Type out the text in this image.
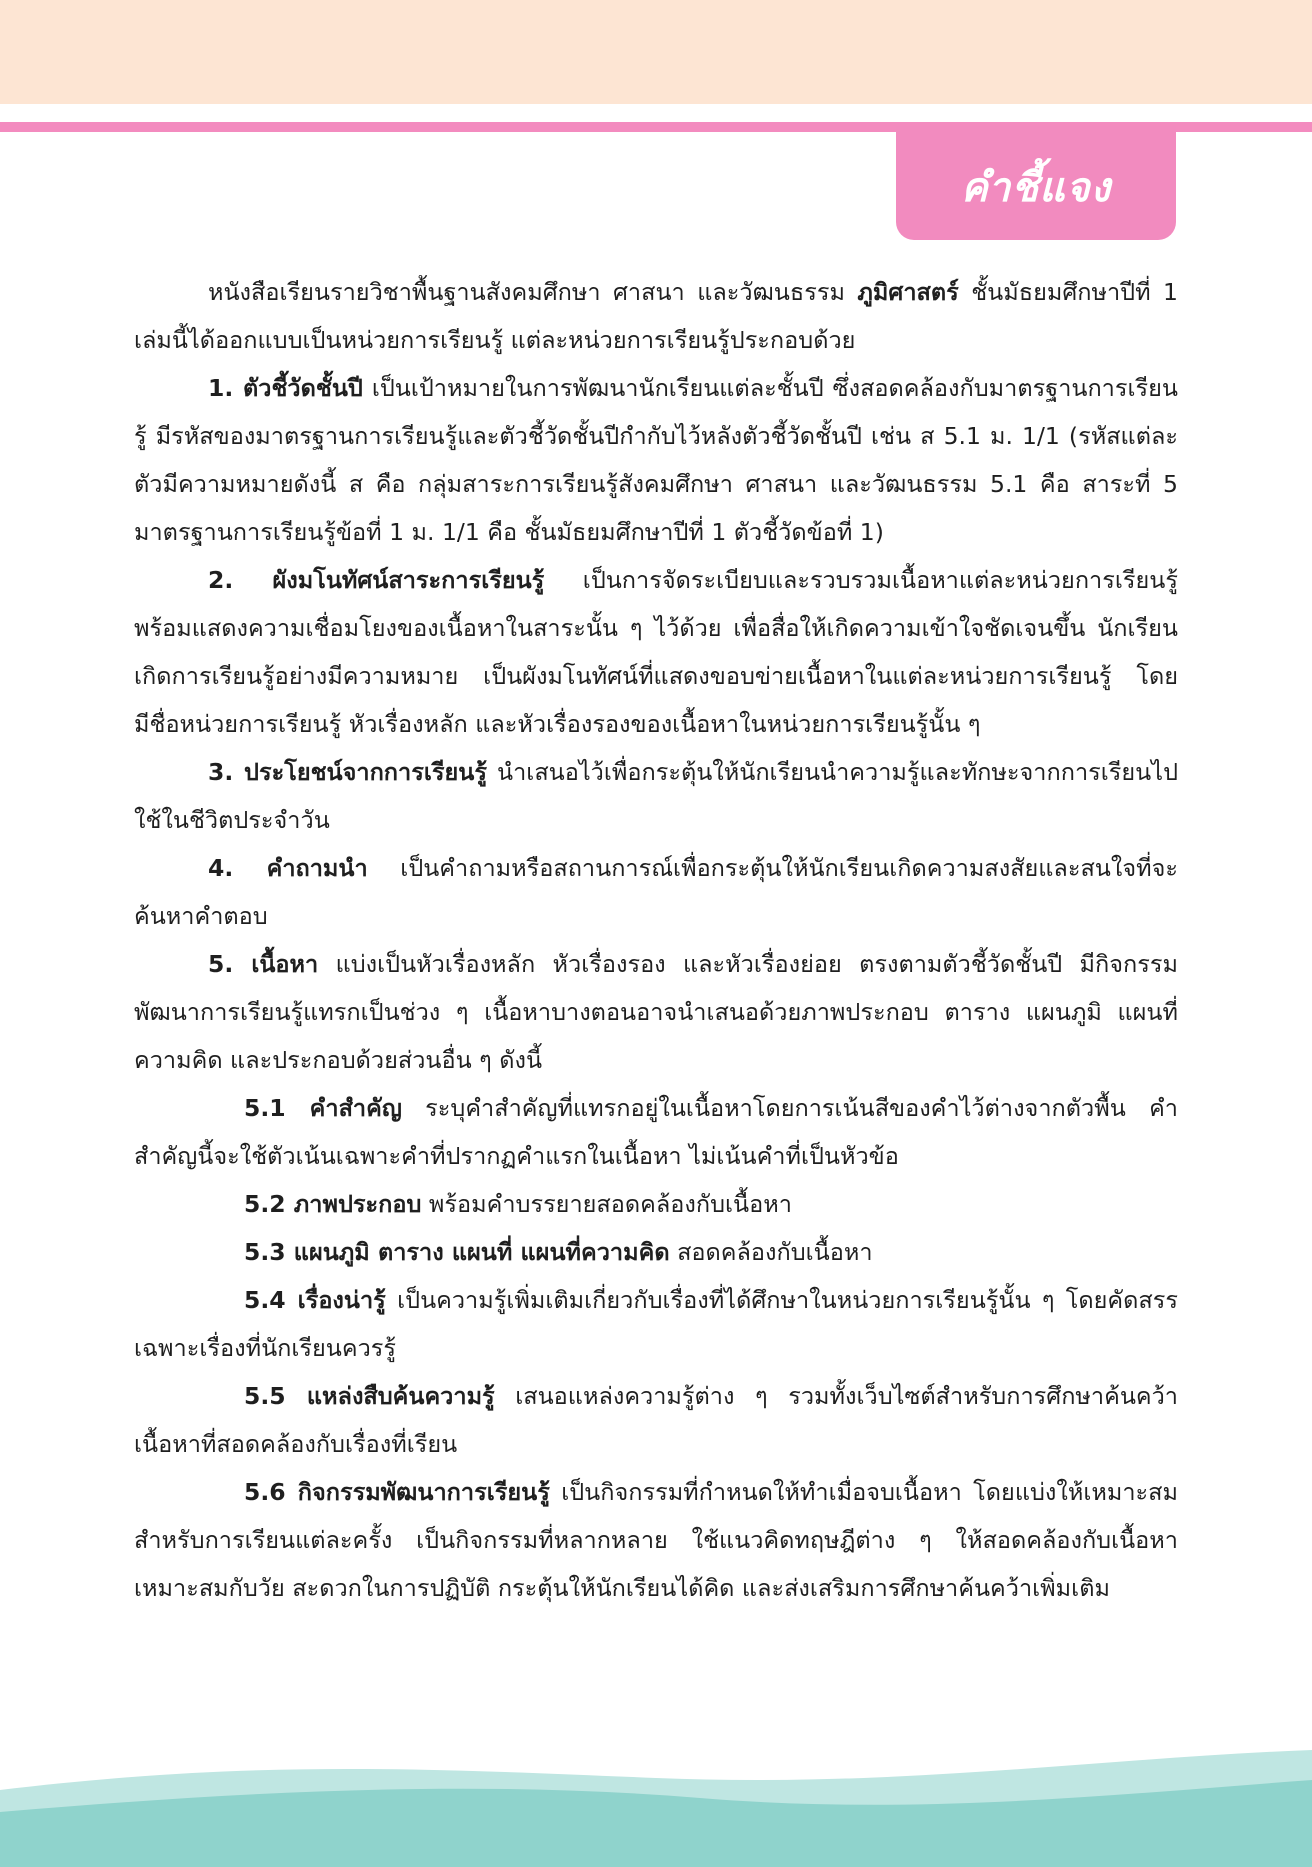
คำชี้แจง

หนังสือเรียนรายวิชาพื้นฐานสังคมศึกษา ศาสนา และวัฒนธรรม ภูมิศาสตร์ ชั้นมัธยมศึกษาปีที่ 1 เล่มนี้ได้ออกแบบเป็นหน่วยการเรียนรู้ แต่ละหน่วยการเรียนรู้ประกอบด้วย

1. ตัวชี้วัดชั้นปี เป็นเป้าหมายในการพัฒนานักเรียนแต่ละชั้นปี ซึ่งสอดคล้องกับมาตรฐานการเรียนรู้ มีรหัสของมาตรฐานการเรียนรู้และตัวชี้วัดชั้นปีกำกับไว้หลังตัวชี้วัดชั้นปี เช่น ส 5.1 ม. 1/1 (รหัสแต่ละตัวมีความหมายดังนี้ ส คือ กลุ่มสาระการเรียนรู้สังคมศึกษา ศาสนา และวัฒนธรรม 5.1 คือ สาระที่ 5 มาตรฐานการเรียนรู้ข้อที่ 1 ม. 1/1 คือ ชั้นมัธยมศึกษาปีที่ 1 ตัวชี้วัดข้อที่ 1)

2. ผังมโนทัศน์สาระการเรียนรู้ เป็นการจัดระเบียบและรวบรวมเนื้อหาแต่ละหน่วยการเรียนรู้ พร้อมแสดงความเชื่อมโยงของเนื้อหาในสาระนั้น ๆ ไว้ด้วย เพื่อสื่อให้เกิดความเข้าใจชัดเจนขึ้น นักเรียนเกิดการเรียนรู้อย่างมีความหมาย เป็นผังมโนทัศน์ที่แสดงขอบข่ายเนื้อหาในแต่ละหน่วยการเรียนรู้ โดยมีชื่อหน่วยการเรียนรู้ หัวเรื่องหลัก และหัวเรื่องรองของเนื้อหาในหน่วยการเรียนรู้นั้น ๆ

3. ประโยชน์จากการเรียนรู้ นำเสนอไว้เพื่อกระตุ้นให้นักเรียนนำความรู้และทักษะจากการเรียนไปใช้ในชีวิตประจำวัน

4. คำถามนำ เป็นคำถามหรือสถานการณ์เพื่อกระตุ้นให้นักเรียนเกิดความสงสัยและสนใจที่จะค้นหาคำตอบ

5. เนื้อหา แบ่งเป็นหัวเรื่องหลัก หัวเรื่องรอง และหัวเรื่องย่อย ตรงตามตัวชี้วัดชั้นปี มีกิจกรรมพัฒนาการเรียนรู้แทรกเป็นช่วง ๆ เนื้อหาบางตอนอาจนำเสนอด้วยภาพประกอบ ตาราง แผนภูมิ แผนที่ความคิด และประกอบด้วยส่วนอื่น ๆ ดังนี้

5.1 คำสำคัญ ระบุคำสำคัญที่แทรกอยู่ในเนื้อหาโดยการเน้นสีของคำไว้ต่างจากตัวพื้น คำสำคัญนี้จะใช้ตัวเน้นเฉพาะคำที่ปรากฏคำแรกในเนื้อหา ไม่เน้นคำที่เป็นหัวข้อ

5.2 ภาพประกอบ พร้อมคำบรรยายสอดคล้องกับเนื้อหา

5.3 แผนภูมิ ตาราง แผนที่ แผนที่ความคิด สอดคล้องกับเนื้อหา

5.4 เรื่องน่ารู้ เป็นความรู้เพิ่มเติมเกี่ยวกับเรื่องที่ได้ศึกษาในหน่วยการเรียนรู้นั้น ๆ โดยคัดสรรเฉพาะเรื่องที่นักเรียนควรรู้

5.5 แหล่งสืบค้นความรู้ เสนอแหล่งความรู้ต่าง ๆ รวมทั้งเว็บไซต์สำหรับการศึกษาค้นคว้าเนื้อหาที่สอดคล้องกับเรื่องที่เรียน

5.6 กิจกรรมพัฒนาการเรียนรู้ เป็นกิจกรรมที่กำหนดให้ทำเมื่อจบเนื้อหา โดยแบ่งให้เหมาะสมสำหรับการเรียนแต่ละครั้ง เป็นกิจกรรมที่หลากหลาย ใช้แนวคิดทฤษฎีต่าง ๆ ให้สอดคล้องกับเนื้อหา เหมาะสมกับวัย สะดวกในการปฏิบัติ กระตุ้นให้นักเรียนได้คิด และส่งเสริมการศึกษาค้นคว้าเพิ่มเติม
